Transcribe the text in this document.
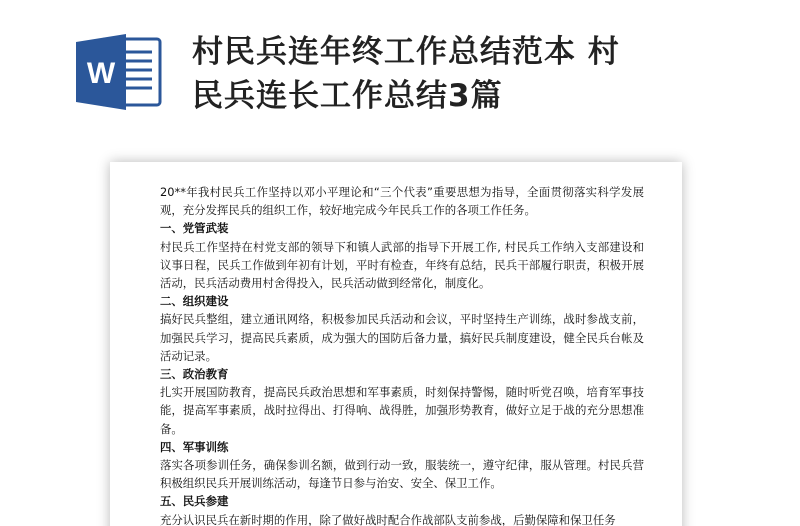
W
村民兵连年终工作总结范本 村
民兵连长工作总结3篇

20**年我村民兵工作坚持以邓小平理论和“三个代表”重要思想为指导，全面贯彻落实科学发展观，充分发挥民兵的组织工作，较好地完成今年民兵工作的各项工作任务。

一、党管武装

村民兵工作坚持在村党支部的领导下和镇人武部的指导下开展工作, 村民兵工作纳入支部建设和议事日程，民兵工作做到年初有计划，平时有检查，年终有总结，民兵干部履行职责，积极开展活动，民兵活动费用村舍得投入，民兵活动做到经常化，制度化。

二、组织建设

搞好民兵整组，建立通讯网络，积极参加民兵活动和会议，平时坚持生产训练，战时参战支前，加强民兵学习，提高民兵素质，成为强大的国防后备力量，搞好民兵制度建设，健全民兵台帐及活动记录。

三、政治教育

扎实开展国防教育，提高民兵政治思想和军事素质，时刻保持警惕，随时听党召唤，培育军事技能，提高军事素质，战时拉得出、打得响、战得胜，加强形势教育，做好立足于战的充分思想准备。

四、军事训练

落实各项参训任务，确保参训名额，做到行动一致，服装统一，遵守纪律，服从管理。村民兵营积极组织民兵开展训练活动，每逢节日参与治安、安全、保卫工作。

五、民兵参建

充分认识民兵在新时期的作用，除了做好战时配合作战部队支前参战，后勤保障和保卫任务
